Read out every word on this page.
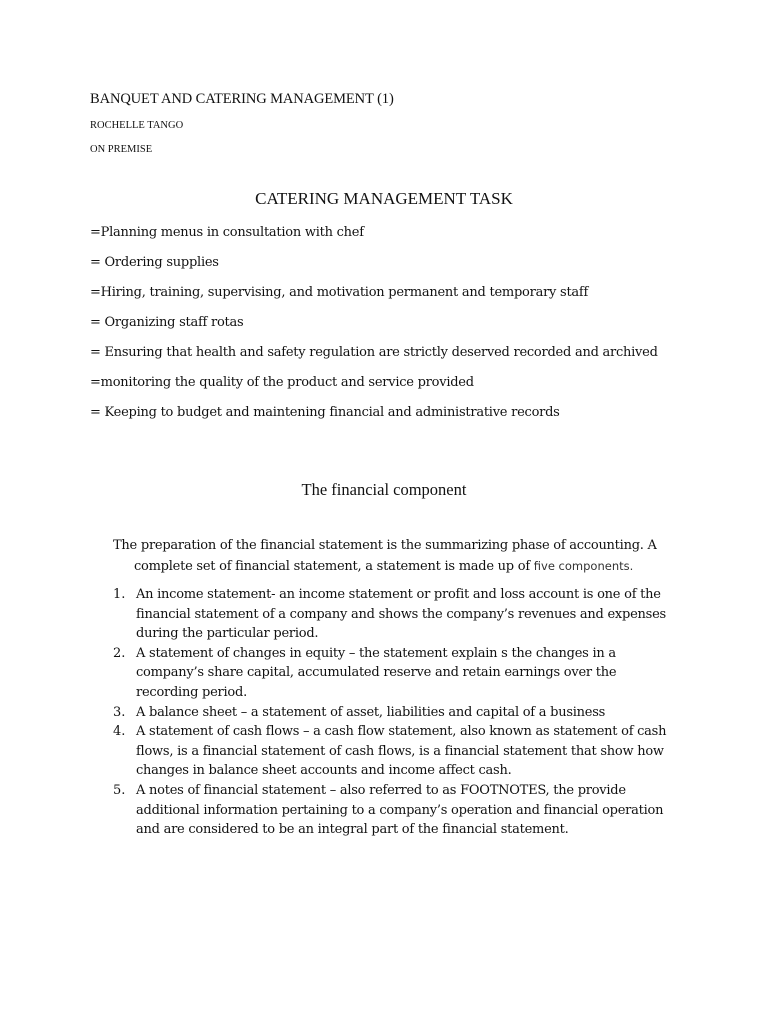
BANQUET AND CATERING MANAGEMENT (1)
ROCHELLE TANGO
ON PREMISE
CATERING MANAGEMENT TASK
=Planning menus in consultation with chef
= Ordering supplies
=Hiring, training, supervising, and motivation permanent and temporary staff
= Organizing staff rotas
= Ensuring that health and safety regulation are strictly deserved recorded and archived
=monitoring the quality of the product and service provided
= Keeping to budget and maintening financial and administrative records
The financial component
The preparation of the financial statement is the summarizing phase of accounting. A
complete set of financial statement, a statement is made up of five components.
1. An income statement- an income statement or profit and loss account is one of the
financial statement of a company and shows the company’s revenues and expenses
during the particular period.
2. A statement of changes in equity – the statement explain s the changes in a
company’s share capital, accumulated reserve and retain earnings over the
recording period.
3. A balance sheet – a statement of asset, liabilities and capital of a business
4. A statement of cash flows – a cash flow statement, also known as statement of cash
flows, is a financial statement of cash flows, is a financial statement that show how
changes in balance sheet accounts and income affect cash.
5. A notes of financial statement – also referred to as FOOTNOTES, the provide
additional information pertaining to a company’s operation and financial operation
and are considered to be an integral part of the financial statement.
